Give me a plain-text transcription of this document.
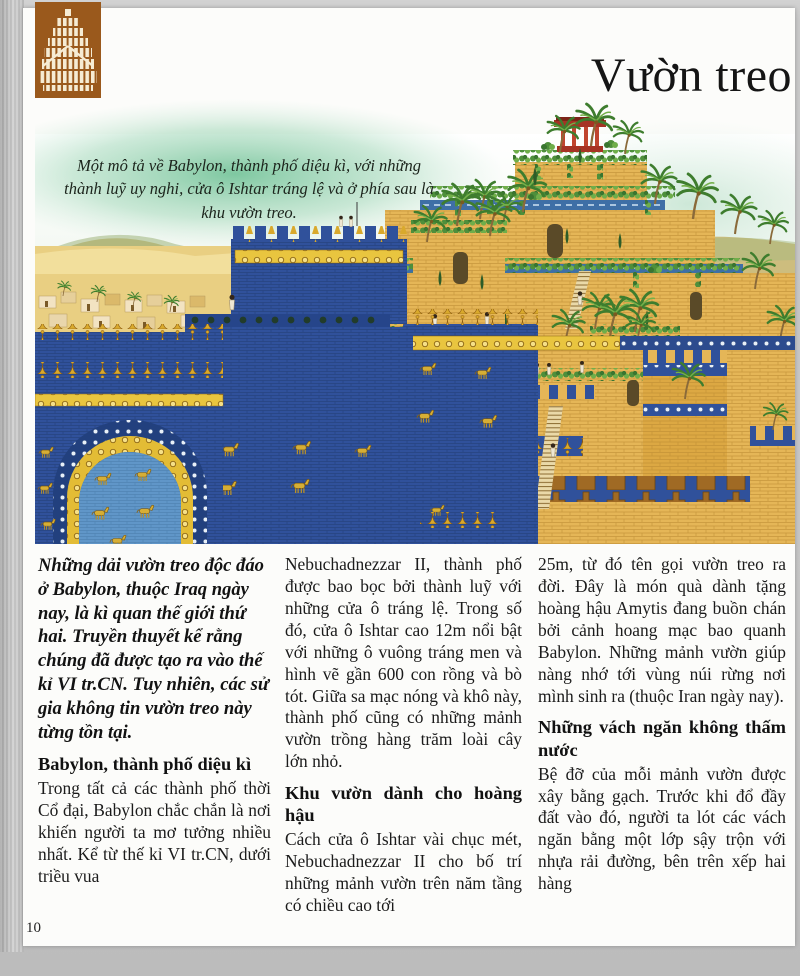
Vườn treo
Một mô tả về Babylon, thành phố diệu kì, với những thành luỹ uy nghi, cửa ô Ishtar tráng lệ và ở phía sau là khu vườn treo.

Những dải vườn treo độc đáo ở Babylon, thuộc Iraq ngày nay, là kì quan thế giới thứ hai. Truyền thuyết kể rằng chúng đã được tạo ra vào thế kỉ VI tr.CN. Tuy nhiên, các sử gia không tin vườn treo này từng tồn tại.

Babylon, thành phố diệu kì

Trong tất cả các thành phố thời Cổ đại, Babylon chắc chắn là nơi khiến người ta mơ tưởng nhiều nhất. Kể từ thế kỉ VI tr.CN, dưới triều vua

Nebuchadnezzar II, thành phố được bao bọc bởi thành luỹ với những cửa ô tráng lệ. Trong số đó, cửa ô Ishtar cao 12m nổi bật với những ô vuông tráng men và hình vẽ gần 600 con rồng và bò tót. Giữa sa mạc nóng và khô này, thành phố cũng có những mảnh vườn trồng hàng trăm loài cây lớn nhỏ.

Khu vườn dành cho hoàng hậu

Cách cửa ô Ishtar vài chục mét, Nebuchadnezzar II cho bố trí những mảnh vườn trên năm tầng có chiều cao tới

25m, từ đó tên gọi vườn treo ra đời. Đây là món quà dành tặng hoàng hậu Amytis đang buồn chán bởi cảnh hoang mạc bao quanh Babylon. Những mảnh vườn giúp nàng nhớ tới vùng núi rừng nơi mình sinh ra (thuộc Iran ngày nay).

Những vách ngăn không thấm nước

Bệ đỡ của mỗi mảnh vườn được xây bằng gạch. Trước khi đổ đầy đất vào đó, người ta lót các vách ngăn bằng một lớp sậy trộn với nhựa rải đường, bên trên xếp hai hàng

10
